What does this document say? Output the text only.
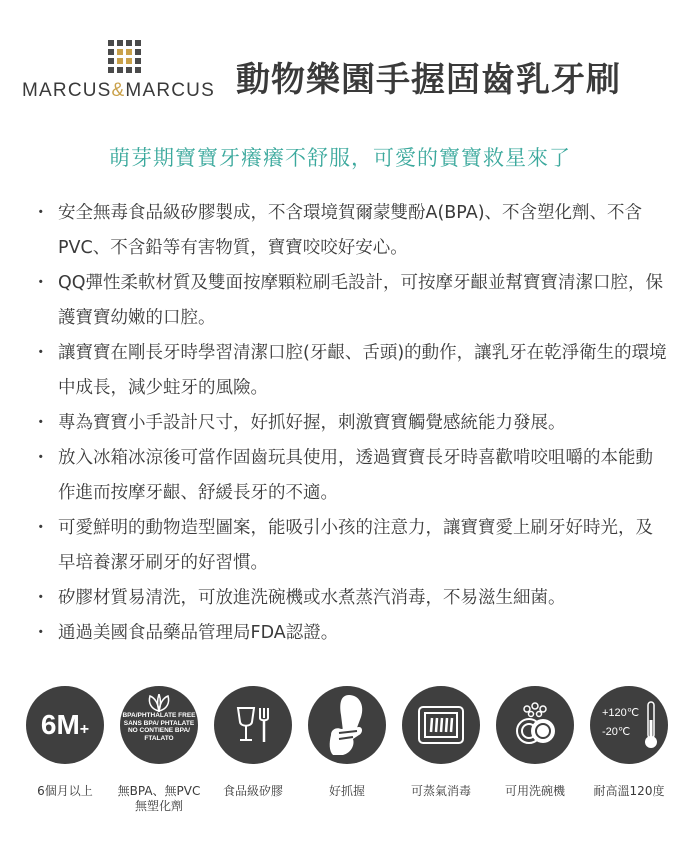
MARCUS&MARCUS 動物樂園手握固齒乳牙刷
萌芽期寶寶牙癢癢不舒服，可愛的寶寶救星來了
・ 安全無毒食品級矽膠製成，不含環境賀爾蒙雙酚A(BPA)、不含塑化劑、不含PVC、不含鉛等有害物質，寶寶咬咬好安心。
・ QQ彈性柔軟材質及雙面按摩顆粒刷毛設計，可按摩牙齦並幫寶寶清潔口腔，保護寶寶幼嫩的口腔。
・ 讓寶寶在剛長牙時學習清潔口腔(牙齦、舌頭)的動作，讓乳牙在乾淨衛生的環境中成長，減少蛀牙的風險。
・ 專為寶寶小手設計尺寸，好抓好握，刺激寶寶觸覺感統能力發展。
・ 放入冰箱冰涼後可當作固齒玩具使用，透過寶寶長牙時喜歡啃咬咀嚼的本能動作進而按摩牙齦、舒緩長牙的不適。
・ 可愛鮮明的動物造型圖案，能吸引小孩的注意力，讓寶寶愛上刷牙好時光，及早培養潔牙刷牙的好習慣。
・ 矽膠材質易清洗，可放進洗碗機或水煮蒸汽消毒，不易滋生細菌。
・ 通過美國食品藥品管理局FDA認證。
6M+
6個月以上
BPA/PHTHALATE FREE
SANS BPA/ PHTALATE
NO CONTIENE BPA/
FTALATO
無BPA、無PVC
無塑化劑
食品級矽膠	好抓握	可蒸氣消毒	可用洗碗機
+120℃
-20℃
耐高溫120度
